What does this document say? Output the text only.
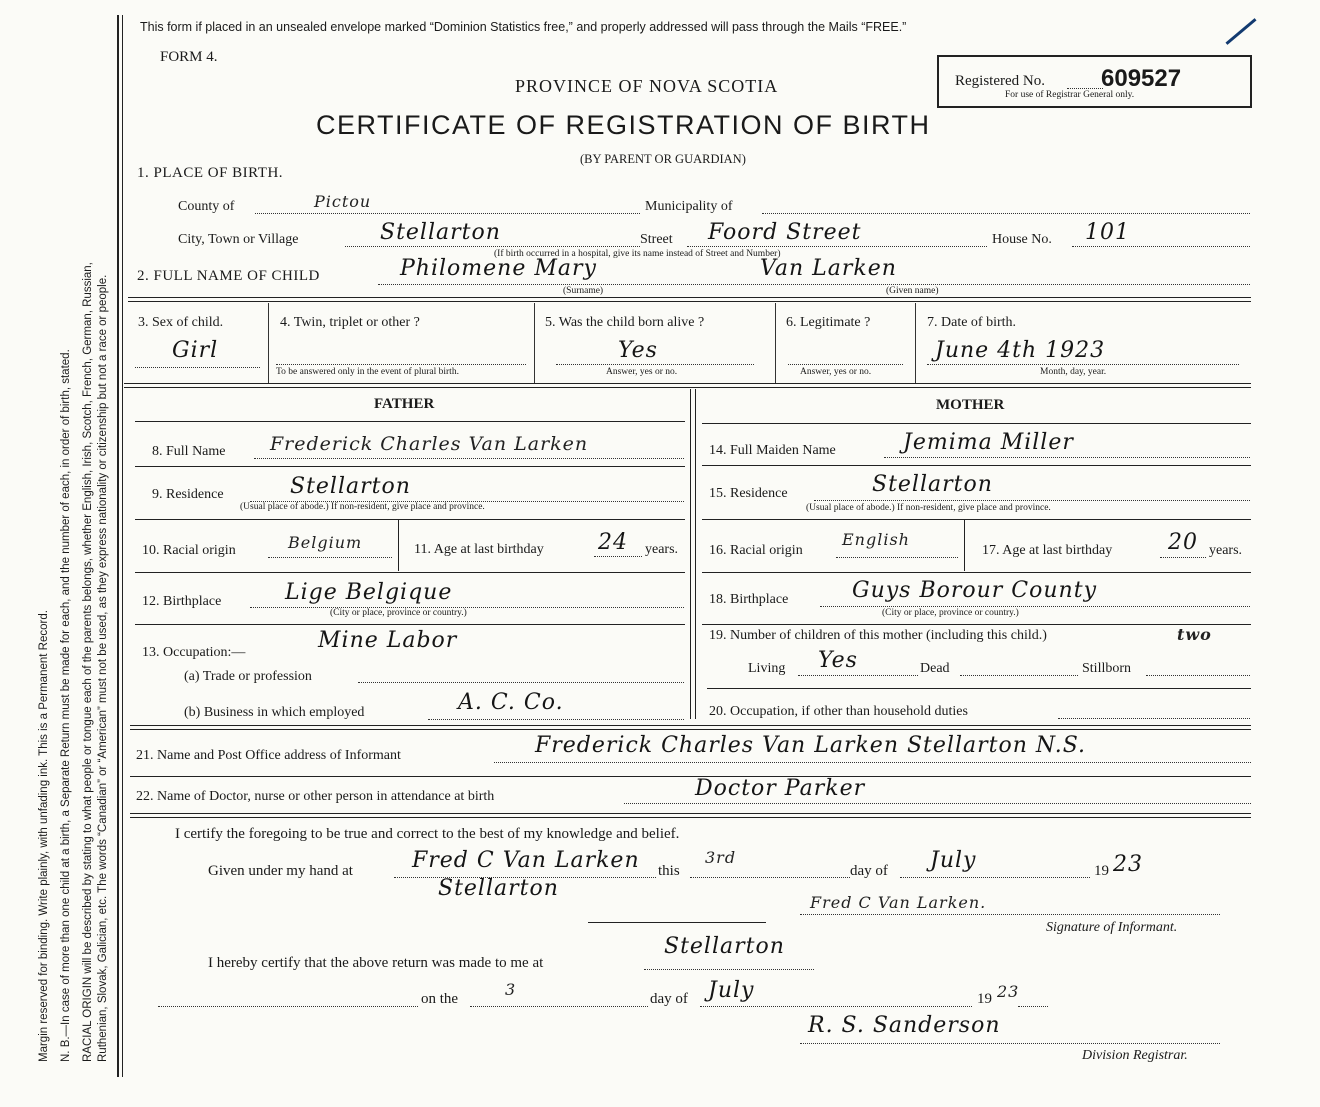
Margin reserved for binding. Write plainly, with unfading ink. This is a Permanent Record. N. B.—In case of more than one child at a birth, a Separate Return must be made for each, and the number of each, in order of birth, stated. RACIAL ORIGIN will be described by stating to what people or tongue each of the parents belongs, whether English, Irish, Scotch, French, German, Russian, Ruthenian, Slovak, Galician, etc. The words “Canadian” or “American” must not be used, as they express nationality or citizenship but not a race or people.
This form if placed in an unsealed envelope marked “Dominion Statistics free,” and properly addressed will pass through the Mails “FREE.”
FORM 4.
PROVINCE OF NOVA SCOTIA	Registered No. 609527
For use of Registrar General only.
CERTIFICATE OF REGISTRATION OF BIRTH
(BY PARENT OR GUARDIAN)
1. PLACE OF BIRTH.
County of	Pictou	Municipality of
City, Town or Village	Stellarton	Street Foord Street	House No. 101
(If birth occurred in a hospital, give its name instead of Street and Number)
2. FULL NAME OF CHILD	Philomene Mary	Van Larken
(Surname)	(Given name)
3. Sex of child.
Girl
4. Twin, triplet or other ?
To be answered only in the event of plural birth.
5. Was the child born alive ?
Yes
Answer, yes or no.
6. Legitimate ?
Answer, yes or no.
7. Date of birth.
June 4th 1923
Month, day, year.
FATHER	MOTHER
8. Full Name Frederick Charles Van Larken
9. Residence	Stellarton
(Usual place of abode.) If non-resident, give place and province.
10. Racial origin	Belgium	11. Age at last birthday 24 years.
12. Birthplace	Lige Belgique
(City or place, province or country.)
13. Occupation:—	Mine Labor
(a) Trade or profession
(b) Business in which employed	A. C. Co.
14. Full Maiden Name	Jemima Miller
15. Residence	Stellarton
(Usual place of abode.) If non-resident, give place and province.
16. Racial origin
English
17. Age at last birthday	20 years.
18. Birthplace	Guys Borour County
(City or place, province or country.)
19. Number of children of this mother (including this child.)	two
Living Yes	Dead	Stillborn
20. Occupation, if other than household duties
21. Name and Post Office address of Informant	Frederick Charles Van Larken Stellarton N.S.
22. Name of Doctor, nurse or other person in attendance at birth	Doctor Parker
I certify the foregoing to be true and correct to the best of my knowledge and belief.
Given under my hand at	Fred C Van Larken this
3rd
day of July	19 23
Stellarton
Fred C Van Larken.
Signature of Informant.
I hereby certify that the above return was made to me at
Stellarton
on the	3	day of July	19 23
R. S. Sanderson
Division Registrar.
